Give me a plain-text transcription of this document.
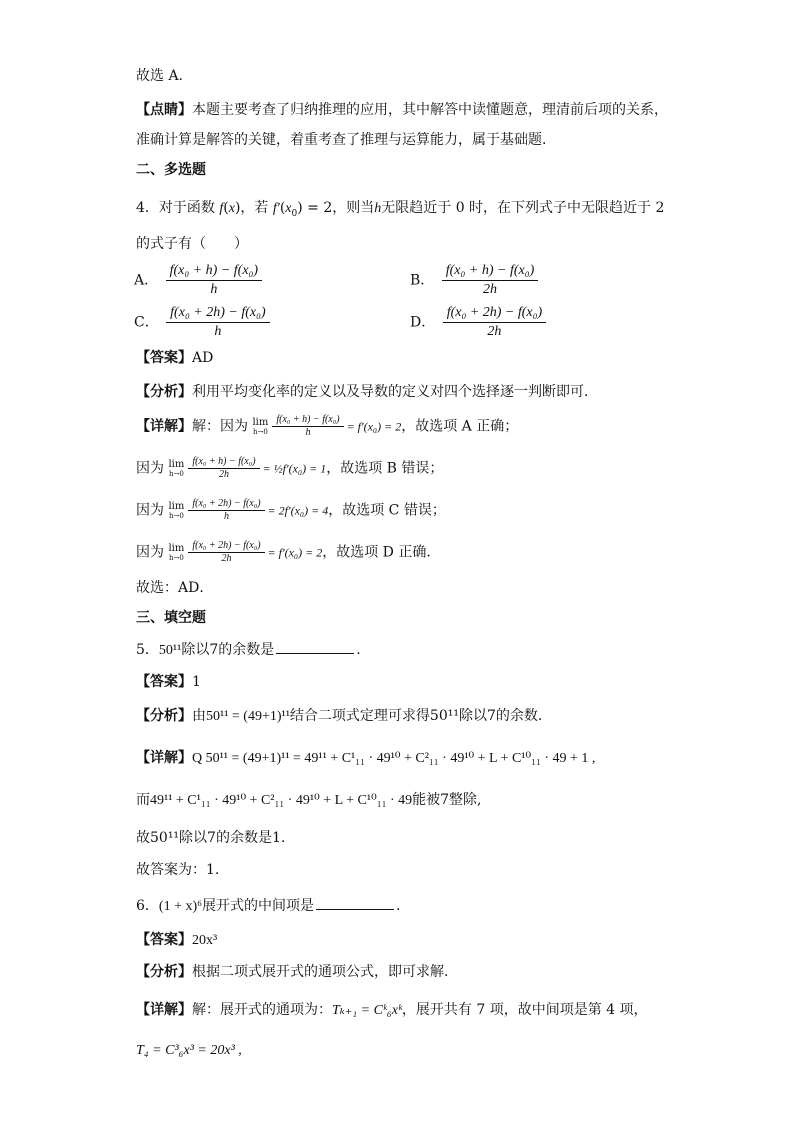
故选 A.
【点睛】本题主要考查了归纳推理的应用，其中解答中读懂题意，理清前后项的关系，
准确计算是解答的关键，着重考查了推理与运算能力，属于基础题.
二、多选题
4．对于函数 f(x)，若 $f'(x_0) = 2$，则当h无限趋近于 0 时，在下列式子中无限趋近于 2
的式子有（　　）
A． $\frac{\text{f(x₀ + h) − f(x₀)}}{h}$	B． $\frac{\text{f(x₀ + h) − f(x₀)}}{2h}$
C． $\frac{\text{f(x₀ + 2h) − f(x₀)}}{h}$	D． $\frac{\text{f(x₀ + 2h) − f(x₀)}}{2h}$
【答案】AD
【分析】利用平均变化率的定义以及导数的定义对四个选择逐一判断即可．
【详解】解：因为 lim
$h\to 0 \frac{\text{f(x₀ + h) − f(x₀)}}{h} = f'(x_0) = 2$，故选项 A 正确；
因为 lim
$h\to 0 \frac{\text{f(x₀ + h) − f(x₀)}}{2h}$ = ½f′(x₀) = 1，故选项 B 错误；
因为 lim
$h\to 0 \frac{\text{f(x₀ + 2h) − f(x₀)}}{h} = 2f'(x_0) = 4$，故选项 C 错误；
因为 lim
$h\to 0 \frac{\text{f(x₀ + 2h) − f(x₀)}}{2h} = f'(x_0) = 2$，故选项 D 正确.
故选：AD．
三、填空题
5．50¹¹除以7的余数是	.
【答案】1
【分析】由50¹¹ = (49+1)¹¹结合二项式定理可求得50¹¹除以7的余数.
【详解】Q 50¹¹ = (49+1)¹¹ = 49¹¹ + C¹₁₁ · 49¹⁰ + C²₁₁ · 49¹⁰ + L + C¹⁰₁₁ · 49 + 1 ,
而49¹¹ + C¹₁₁ · 49¹⁰ + C²₁₁ · 49¹⁰ + L + C¹⁰₁₁ · 49能被7整除,
故50¹¹除以7的余数是1.
故答案为：1.
6．(1 + x)⁶展开式的中间项是	.
【答案】20x³
【分析】根据二项式展开式的通项公式，即可求解.
【详解】解：展开式的通项为：Tₖ₊₁ = Cᵏ₆xᵏ，展开共有 7 项，故中间项是第 4 项，
T₄ = C³₆x³ = 20x³ ,
